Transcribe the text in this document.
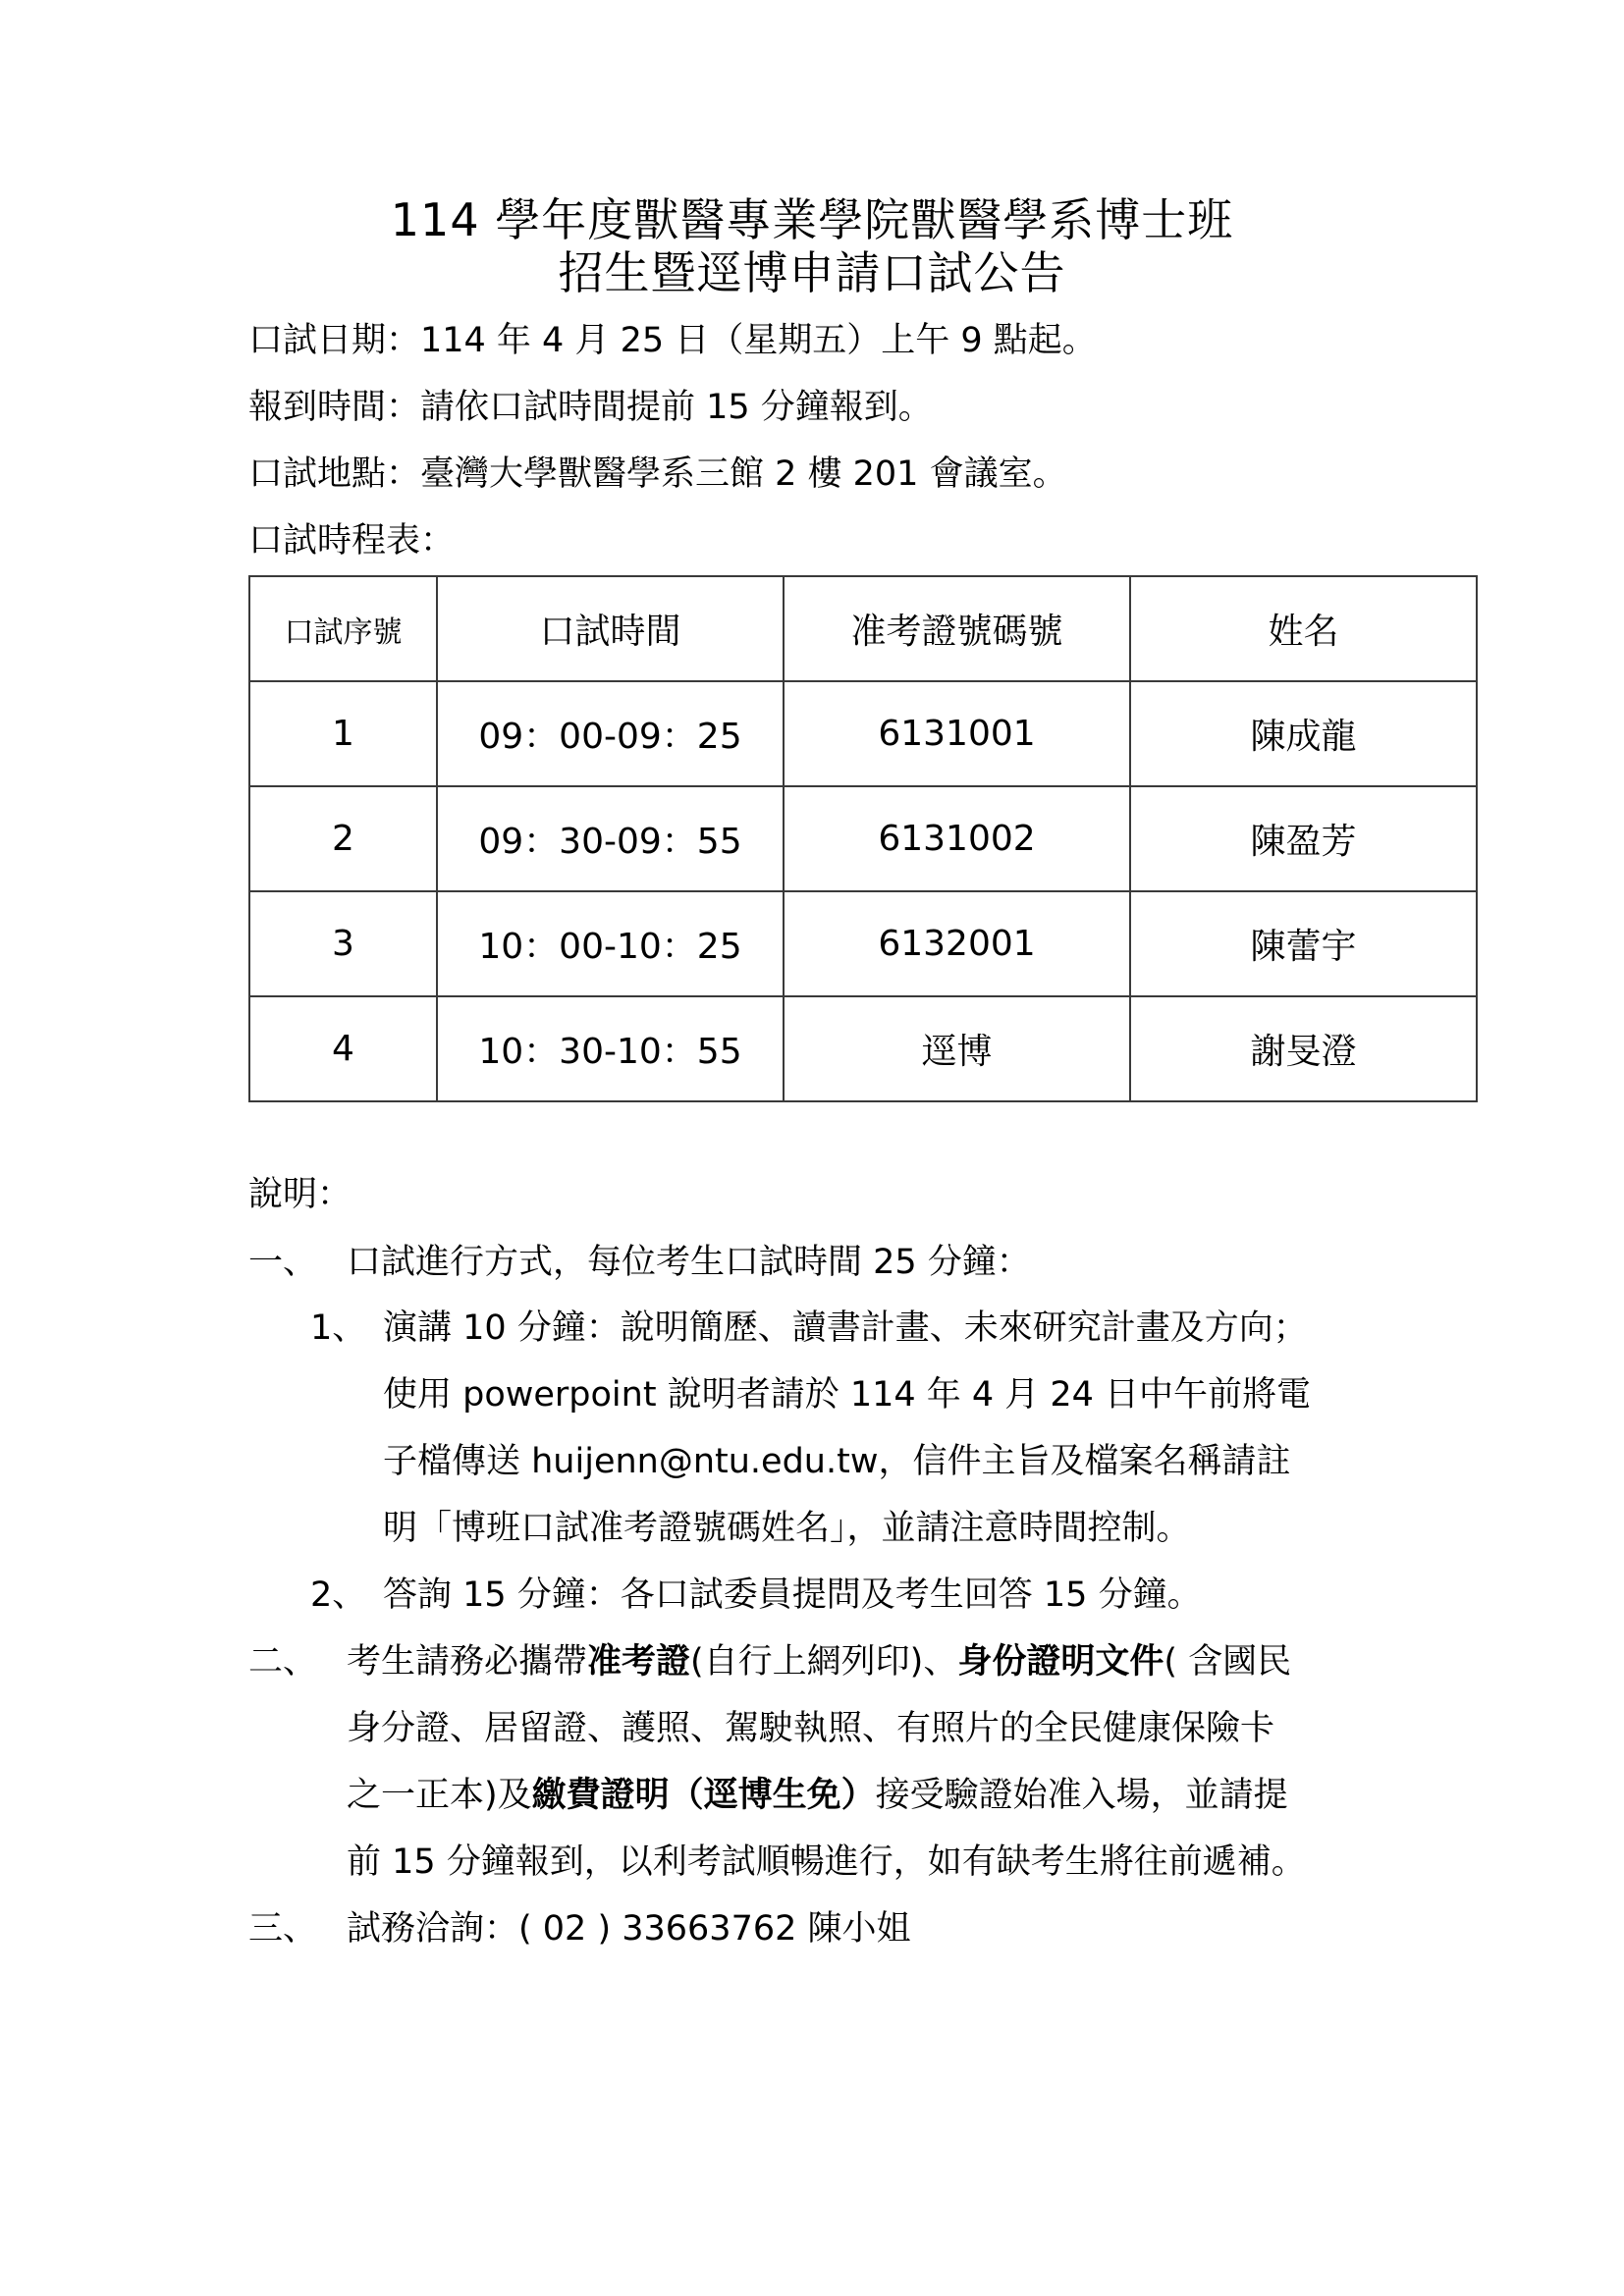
114 學年度獸醫專業學院獸醫學系博士班
招生暨逕博申請口試公告
口試日期：114 年 4 月 25 日（星期五）上午 9 點起。
報到時間：請依口試時間提前 15 分鐘報到。
口試地點：臺灣大學獸醫學系三館 2 樓 201 會議室。
口試時程表：
口試序號	口試時間	准考證號碼號	姓名
1	09：00-09：25	6131001	陳成龍
2	09：30-09：55	6131002	陳盈芳
3	10：00-10：25	6132001	陳蕾宇
4	10：30-10：55	逕博	謝旻澄
說明：
一、 口試進行方式，每位考生口試時間 25 分鐘：
1、 演講 10 分鐘：說明簡歷、讀書計畫、未來研究計畫及方向；
使用 powerpoint 說明者請於 114 年 4 月 24 日中午前將電
子檔傳送 huijenn@ntu.edu.tw，信件主旨及檔案名稱請註
明「博班口試准考證號碼姓名」，並請注意時間控制。
2、 答詢 15 分鐘：各口試委員提問及考生回答 15 分鐘。
二、 考生請務必攜帶准考證(自行上網列印)、身份證明文件( 含國民
身分證、居留證、護照、駕駛執照、有照片的全民健康保險卡
之一正本)及繳費證明（逕博生免）接受驗證始准入場，並請提
前 15 分鐘報到，以利考試順暢進行，如有缺考生將往前遞補。
三、 試務洽詢：( 02 ) 33663762 陳小姐
